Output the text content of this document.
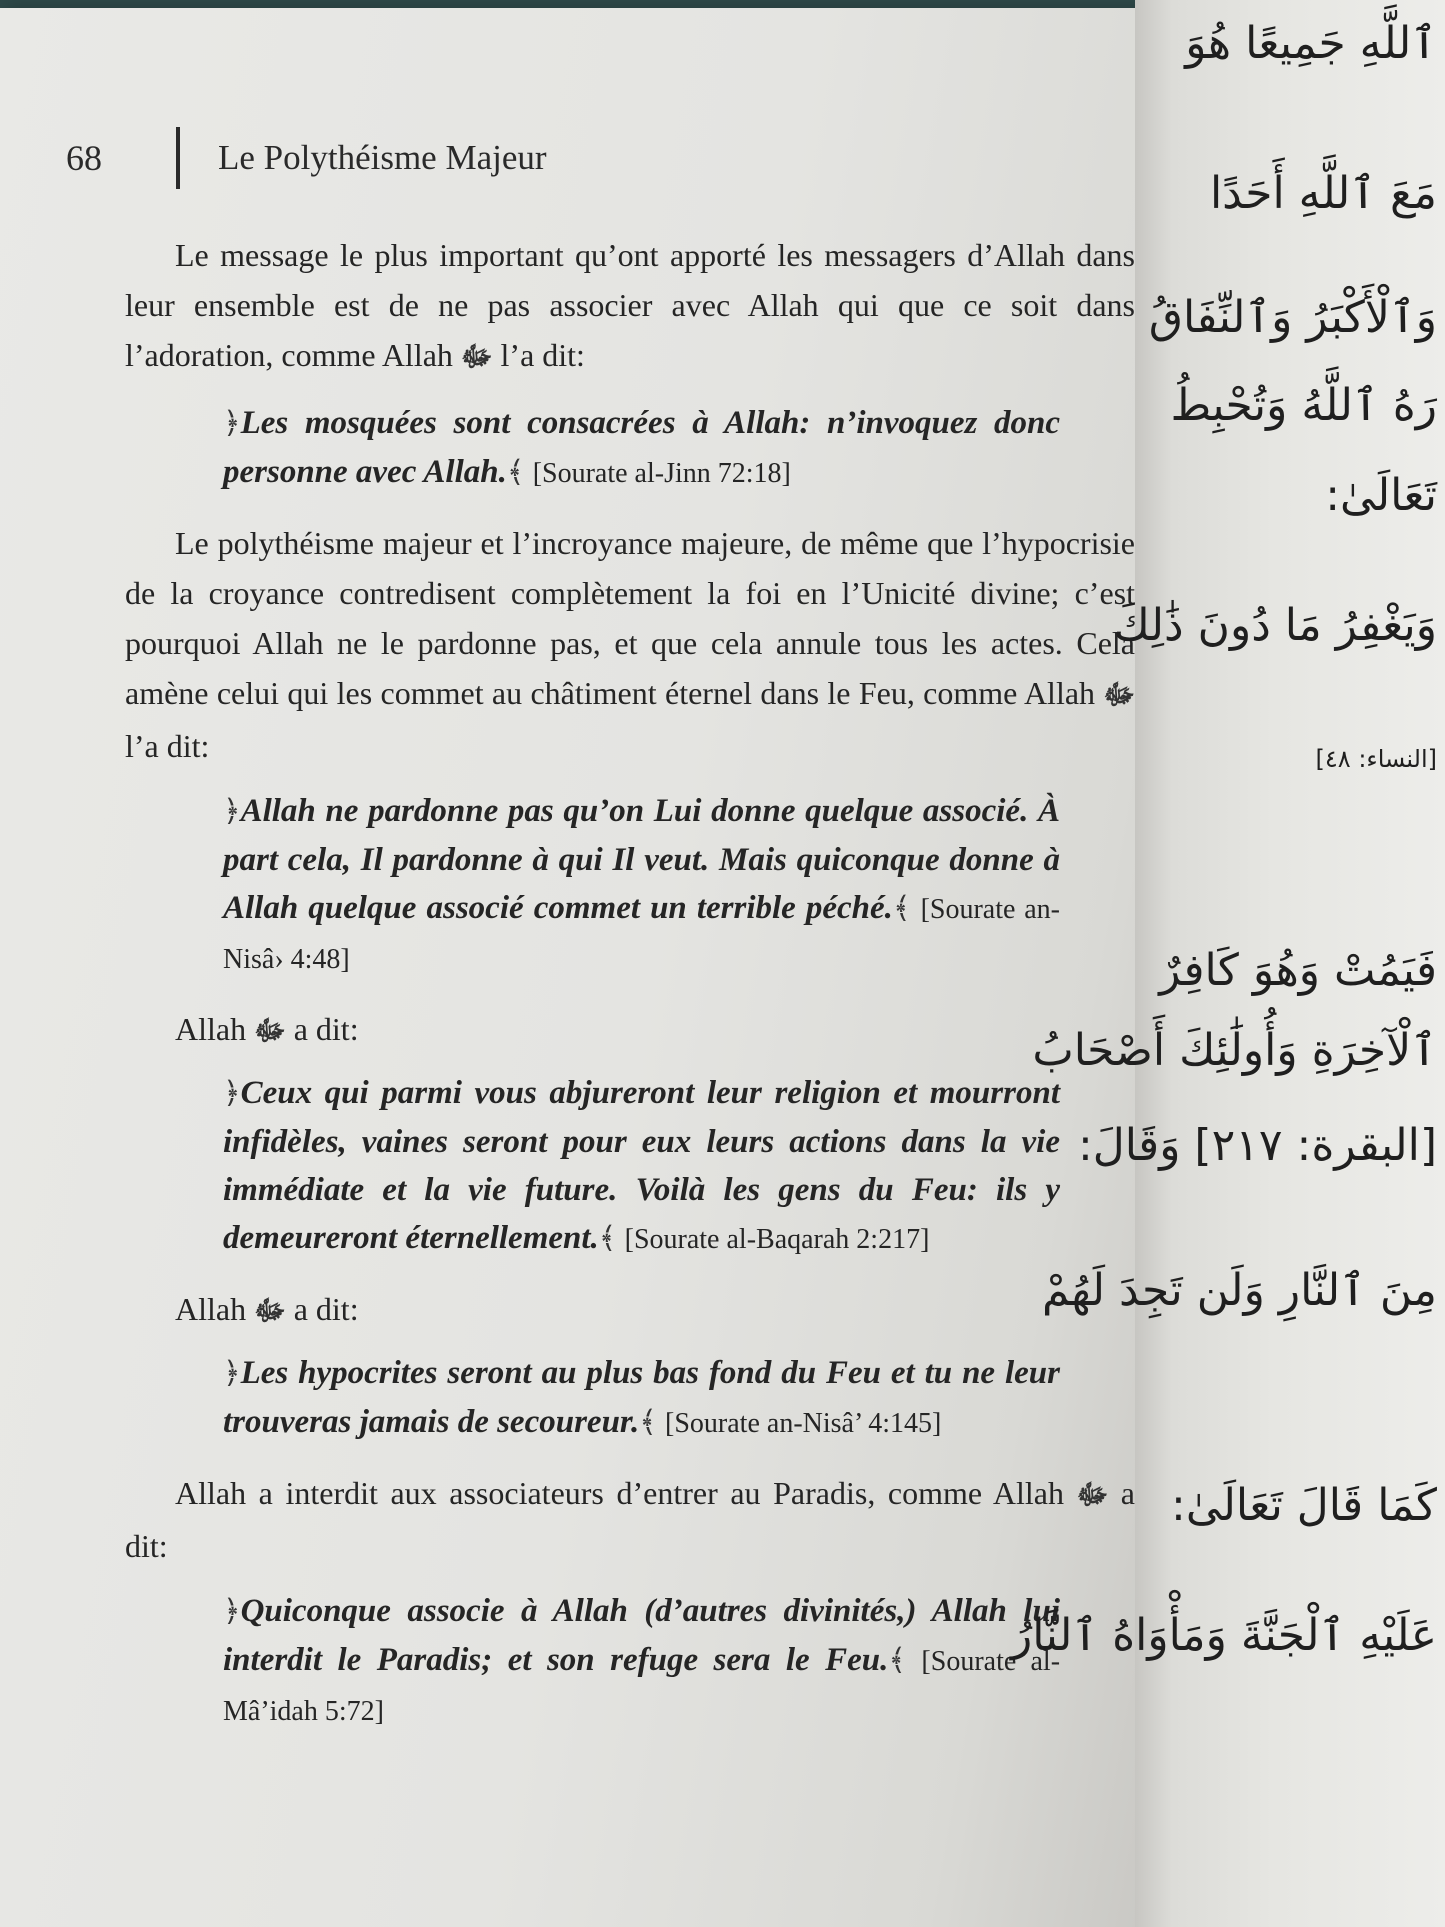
68	Le Polythéisme Majeur

Le message le plus important qu’ont apporté les messagers d’Allah dans leur ensemble est de ne pas associer avec Allah qui que ce soit dans l’adoration, comme Allah ﷻ l’a dit:

﴿Les mosquées sont consacrées à Allah: n’invoquez donc personne avec Allah.﴾ [Sourate al-Jinn 72:18]

Le polythéisme majeur et l’incroyance majeure, de même que l’hypocrisie de la croyance contredisent complètement la foi en l’Unicité divine; c’est pourquoi Allah ne le pardonne pas, et que cela annule tous les actes. Cela amène celui qui les commet au châtiment éternel dans le Feu, comme Allah ﷻ l’a dit:

﴿Allah ne pardonne pas qu’on Lui donne quelque associé. À part cela, Il pardonne à qui Il veut. Mais quiconque donne à Allah quelque associé commet un terrible péché.﴾ [Sourate an-Nisâ› 4:48]

Allah ﷻ a dit:

﴿Ceux qui parmi vous abjureront leur religion et mourront infidèles, vaines seront pour eux leurs actions dans la vie immédiate et la vie future. Voilà les gens du Feu: ils y demeureront éternellement.﴾ [Sourate al-Baqarah 2:217]

Allah ﷻ a dit:

﴿Les hypocrites seront au plus bas fond du Feu et tu ne leur trouveras jamais de secoureur.﴾ [Sourate an-Nisâ’ 4:145]

Allah a interdit aux associateurs d’entrer au Paradis, comme Allah ﷻ a dit:

﴿Quiconque associe à Allah (d’autres divinités,) Allah lui interdit le Paradis; et son refuge sera le Feu.﴾ [Sourate al-Mâ’idah 5:72]

ٱللَّهِ جَمِيعًا هُوَ
مَعَ ٱللَّهِ أَحَدًا
وَٱلْأَكْبَرُ وَٱلنِّفَاقُ
رَهُ ٱللَّهُ وَتُحْبِطُ
تَعَالَىٰ:
وَيَغْفِرُ مَا دُونَ ذَٰلِكَ
[النساء: ٤٨]
فَيَمُتْ وَهُوَ كَافِرٌ
ٱلْآخِرَةِ وَأُولَٰئِكَ أَصْحَابُ
[البقرة: ٢١٧] وَقَالَ:
مِنَ ٱلنَّارِ وَلَن تَجِدَ لَهُمْ
كَمَا قَالَ تَعَالَىٰ:
عَلَيْهِ ٱلْجَنَّةَ وَمَأْوَاهُ ٱلنَّارُ
